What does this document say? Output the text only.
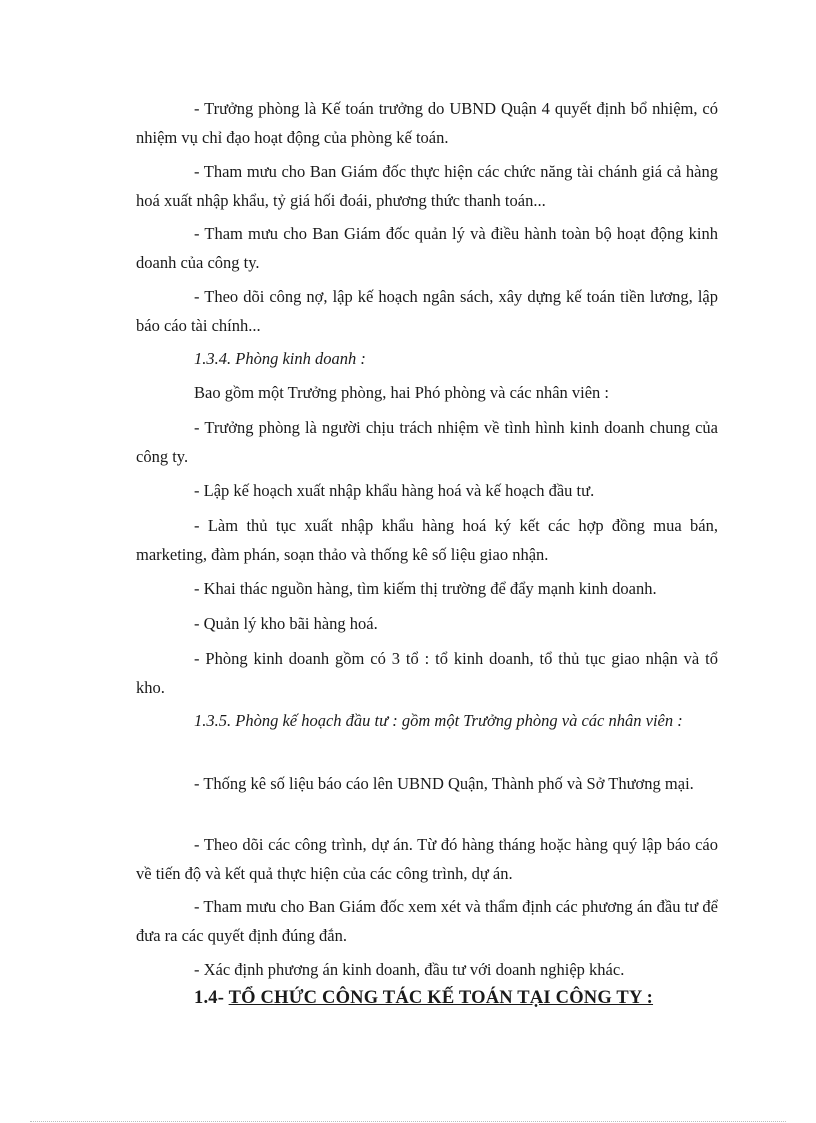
- Trưởng phòng là Kế toán trưởng do UBND Quận 4 quyết định bổ nhiệm, có nhiệm vụ chỉ đạo hoạt động của phòng kế toán.

- Tham mưu cho Ban Giám đốc thực hiện các chức năng tài chánh giá cả hàng hoá xuất nhập khẩu, tỷ giá hối đoái, phương thức thanh toán...

- Tham mưu cho Ban Giám đốc quản lý và điều hành toàn bộ hoạt động kinh doanh của công ty.

- Theo dõi công nợ, lập kế hoạch ngân sách, xây dựng kế toán tiền lương, lập báo cáo tài chính...

1.3.4. Phòng kinh doanh :

Bao gồm một Trưởng phòng, hai Phó phòng và các nhân viên :

- Trưởng phòng là người chịu trách nhiệm về tình hình kinh doanh chung của công ty.

- Lập kế hoạch xuất nhập khẩu hàng hoá và kế hoạch đầu tư.

- Làm thủ tục xuất nhập khẩu hàng hoá ký kết các hợp đồng mua bán, marketing, đàm phán, soạn thảo và thống kê số liệu giao nhận.

- Khai thác nguồn hàng, tìm kiếm thị trường để đẩy mạnh kinh doanh.

- Quản lý kho bãi hàng hoá.

- Phòng kinh doanh gồm có 3 tổ : tổ kinh doanh, tổ thủ tục giao nhận và tổ kho.

1.3.5. Phòng kế hoạch đầu tư : gồm một Trưởng phòng và các nhân viên :

- Thống kê số liệu báo cáo lên UBND Quận, Thành phố và Sở Thương mại.

- Theo dõi các công trình, dự án. Từ đó hàng tháng hoặc hàng quý lập báo cáo về tiến độ và kết quả thực hiện của các công trình, dự án.

- Tham mưu cho Ban Giám đốc xem xét và thẩm định các phương án đầu tư để đưa ra các quyết định đúng đắn.

- Xác định phương án kinh doanh, đầu tư với doanh nghiệp khác.

1.4- TỔ CHỨC CÔNG TÁC KẾ TOÁN TẠI CÔNG TY :
